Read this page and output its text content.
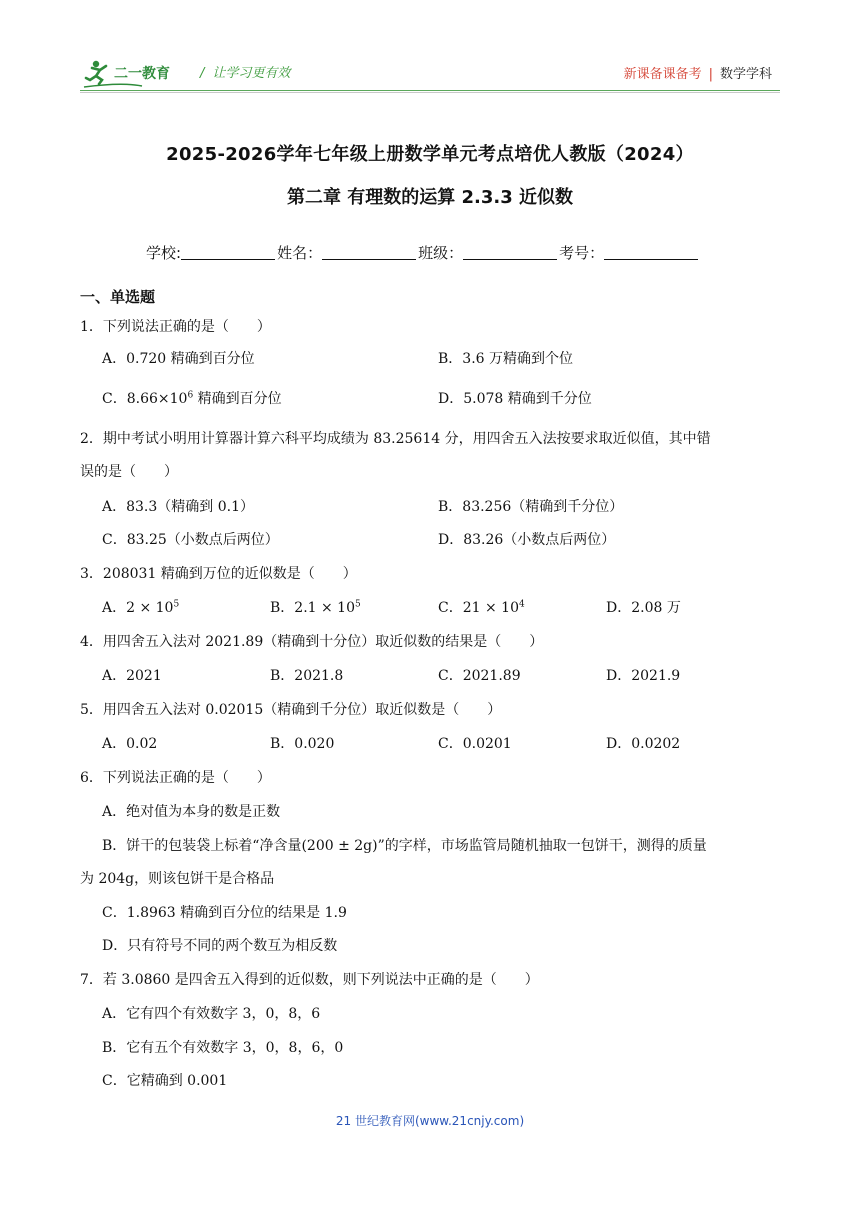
二一教育 / 让学习更有效	新课备课备考 | 数学学科
2025-2026学年七年级上册数学单元考点培优人教版（2024）
第二章 有理数的运算 2.3.3 近似数
学校:	姓名：	班级：	考号：
一、单选题
1．下列说法正确的是（　　）
A．0.720 精确到百分位	B．3.6 万精确到个位
C．$8.66\times 10^6$ 精确到百分位	D．5.078 精确到千分位
2．期中考试小明用计算器计算六科平均成绩为 83.25614 分，用四舍五入法按要求取近似值，其中错
误的是（　　）
A．83.3（精确到 0.1）	B．83.256（精确到千分位）
C．83.25（小数点后两位）	D．83.26（小数点后两位）
3．208031 精确到万位的近似数是（　　）
A．$2 \times 10^5$	B．$2.1 \times 10^5$	C．$21 \times 10^4$	D．2.08 万
4．用四舍五入法对 2021.89（精确到十分位）取近似数的结果是（　　）
A．2021	B．2021.8	C．2021.89	D．2021.9
5．用四舍五入法对 0.02015（精确到千分位）取近似数是（　　）
A．0.02	B．0.020	C．0.0201	D．0.0202
6．下列说法正确的是（　　）
A．绝对值为本身的数是正数
B．饼干的包装袋上标着“净含量(200 ± 2g)”的字样，市场监管局随机抽取一包饼干，测得的质量
为 204g，则该包饼干是合格品
C．1.8963 精确到百分位的结果是 1.9
D．只有符号不同的两个数互为相反数
7．若 3.0860 是四舍五入得到的近似数，则下列说法中正确的是（　　）
A．它有四个有效数字 3，0，8，6
B．它有五个有效数字 3，0，8，6，0
C．它精确到 0.001
21 世纪教育网(www.21cnjy.com)
